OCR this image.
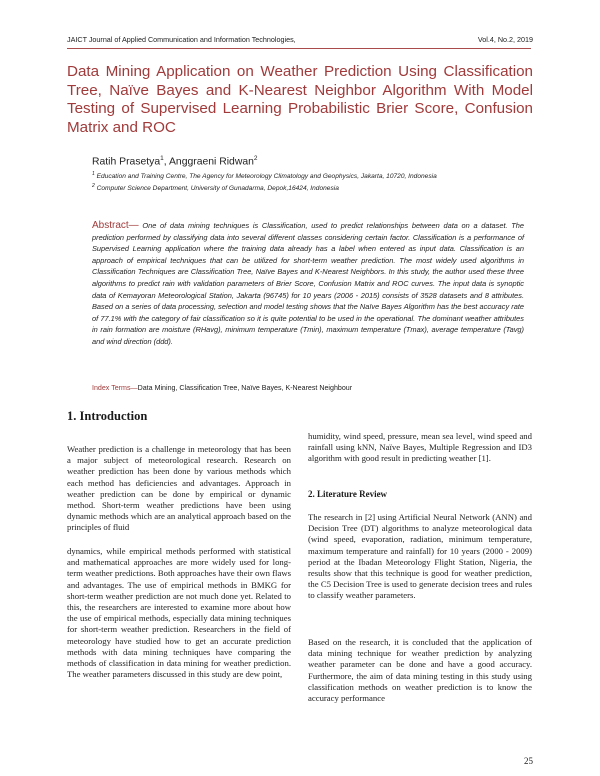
JAICT Journal of Applied Communication and Information Technologies,	Vol.4, No.2, 2019
Data Mining Application on Weather Prediction Using Classification Tree, Naïve Bayes and K-Nearest Neighbor Algorithm With Model Testing of Supervised Learning Probabilistic Brier Score, Confusion Matrix and ROC
Ratih Prasetya$^1$, Anggraeni Ridwan$^2$
$^1$ Education and Training Centre, The Agency for Meteorology Climatology and Geophysics, Jakarta, 10720, Indonesia
$^2$ Computer Science Department, University of Gunadarma, Depok,16424, Indonesia

Abstract— One of data mining techniques is Classification, used to predict relationships between data on a dataset. The prediction performed by classifying data into several different classes considering certain factor. Classification is a performance of Supervised Learning application where the training data already has a label when entered as input data. Classification is an approach of empirical techniques that can be utilized for short-term weather prediction. The most widely used algorithms in Classification Techniques are Classification Tree, Naïve Bayes and K-Nearest Neighbors. In this study, the author used these three algorithms to predict rain with validation parameters of Brier Score, Confusion Matrix and ROC curves. The input data is synoptic data of Kemayoran Meteorological Station, Jakarta (96745) for 10 years (2006 - 2015) consists of 3528 datasets and 8 attributes. Based on a series of data processing, selection and model testing shows that the Naïve Bayes Algorithm has the best accuracy rate of 77.1% with the category of fair classification so it is quite potential to be used in the operational. The dominant weather attributes in rain formation are moisture (RHavg), minimum temperature (Tmin), maximum temperature (Tmax), average temperature (Tavg) and wind direction (ddd).

Index Terms—Data Mining, Classification Tree, Naïve Bayes, K-Nearest Neighbour
1. Introduction

Weather prediction is a challenge in meteorology that has been a major subject of meteorological research. Research on weather prediction has been done by various methods which each method has deficiencies and advantages. Approach in weather prediction can be done by empirical or dynamic method. Short-term weather predictions have been using dynamic methods which are an analytical approach based on the principles of fluid

dynamics, while empirical methods performed with statistical and mathematical approaches are more widely used for long-term weather predictions. Both approaches have their own flaws and advantages. The use of empirical methods in BMKG for short-term weather prediction are not much done yet. Related to this, the researchers are interested to examine more about how the use of empirical methods, especially data mining techniques for short-term weather prediction. Researchers in the field of meteorology have studied how to get an accurate prediction methods with data mining techniques have comparing the methods of classification in data mining for weather prediction. The weather parameters discussed in this study are dew point,

humidity, wind speed, pressure, mean sea level, wind speed and rainfall using kNN, Naïve Bayes, Multiple Regression and ID3 algorithm with good result in predicting weather [1].

2. Literature Review

The research in [2] using Artificial Neural Network (ANN) and Decision Tree (DT) algorithms to analyze meteorological data (wind speed, evaporation, radiation, minimum temperature, maximum temperature and rainfall) for 10 years (2000 - 2009) period at the Ibadan Meteorology Flight Station, Nigeria, the results show that this technique is good for weather prediction, the C5 Decision Tree is used to generate decision trees and rules to classify weather parameters.

Based on the research, it is concluded that the application of data mining technique for weather prediction by analyzing weather parameter can be done and have a good accuracy. Furthermore, the aim of data mining testing in this study using classification methods on weather prediction is to know the accuracy performance

25
